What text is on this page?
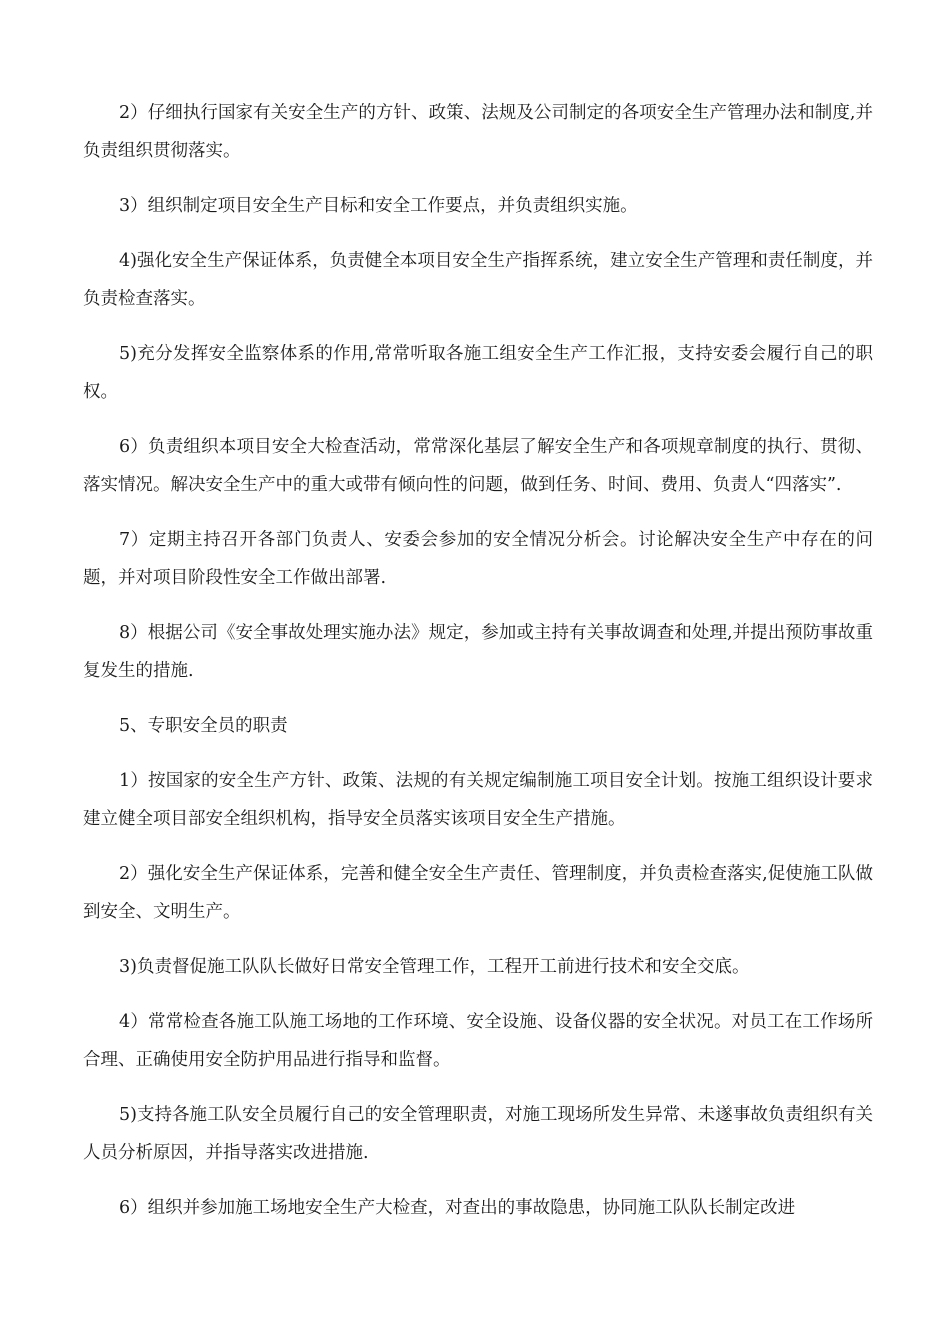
2）仔细执行国家有关安全生产的方针、政策、法规及公司制定的各项安全生产管理办法和制度,并负责组织贯彻落实。

3）组织制定项目安全生产目标和安全工作要点，并负责组织实施。

4)强化安全生产保证体系，负责健全本项目安全生产指挥系统，建立安全生产管理和责任制度，并负责检查落实。

5)充分发挥安全监察体系的作用,常常听取各施工组安全生产工作汇报，支持安委会履行自己的职权。

6）负责组织本项目安全大检查活动，常常深化基层了解安全生产和各项规章制度的执行、贯彻、落实情况。解决安全生产中的重大或带有倾向性的问题，做到任务、时间、费用、负责人“四落实”.

7）定期主持召开各部门负责人、安委会参加的安全情况分析会。讨论解决安全生产中存在的问题，并对项目阶段性安全工作做出部署.

8）根据公司《安全事故处理实施办法》规定，参加或主持有关事故调查和处理,并提出预防事故重复发生的措施.

5、专职安全员的职责

1）按国家的安全生产方针、政策、法规的有关规定编制施工项目安全计划。按施工组织设计要求建立健全项目部安全组织机构，指导安全员落实该项目安全生产措施。

2）强化安全生产保证体系，完善和健全安全生产责任、管理制度，并负责检查落实,促使施工队做到安全、文明生产。

3)负责督促施工队队长做好日常安全管理工作，工程开工前进行技术和安全交底。

4）常常检查各施工队施工场地的工作环境、安全设施、设备仪器的安全状况。对员工在工作场所合理、正确使用安全防护用品进行指导和监督。

5)支持各施工队安全员履行自己的安全管理职责，对施工现场所发生异常、未遂事故负责组织有关人员分析原因，并指导落实改进措施.

6）组织并参加施工场地安全生产大检查，对查出的事故隐患，协同施工队队长制定改进
